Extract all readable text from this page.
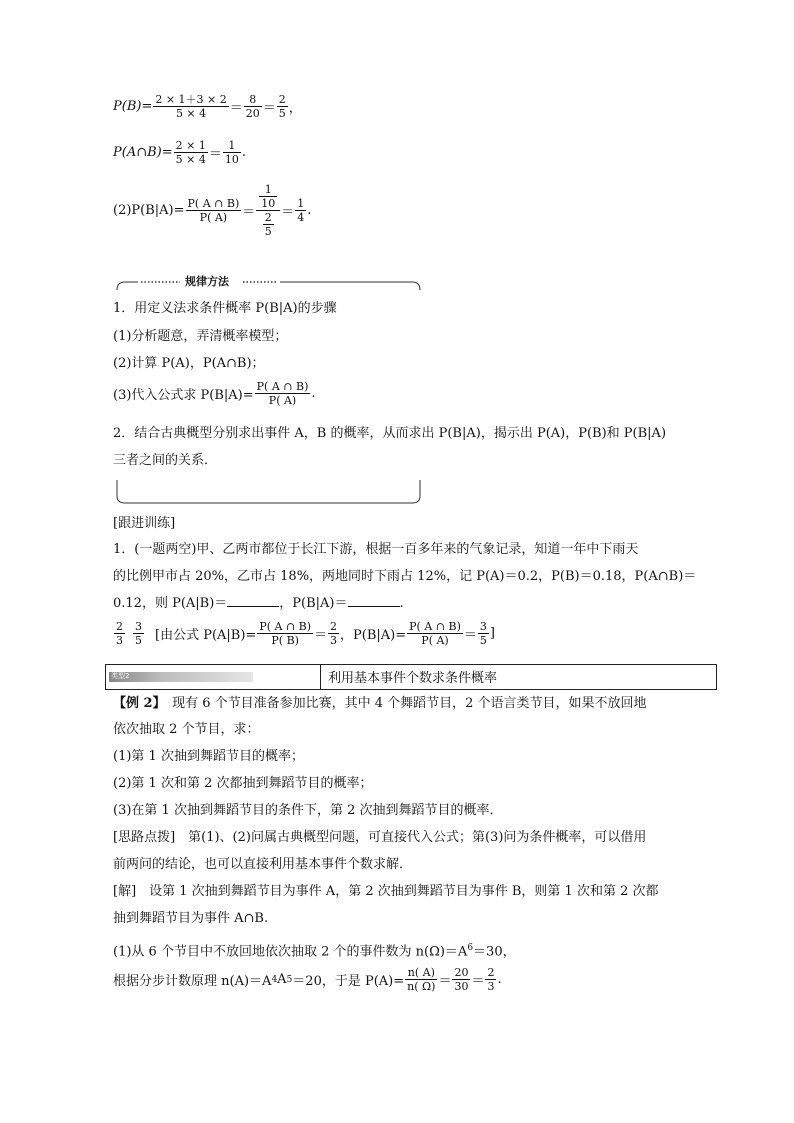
$P(B)= \frac{2 \times 1+3 \times 2}{5 \times 4} = \frac{8}{20} = \frac{2}{5}$ ，
P(A∩B)= $\frac{2 \times 1}{5 \times 4} = \frac{1}{10}$ .
$(2)P(B|A)= \frac{P( A \cap B)}{P( A)} = \frac{\frac{1}{10}}{\frac{2}{5}} = \frac{1}{4}$ .
规律方法
1．用定义法求条件概率 P(B|A)的步骤
(1)分析题意，弄清概率模型；
(2)计算 P(A)，P(A∩B)；
(3)代入公式求 $P(B|A)= \frac{P( A \cap B)}{P( A)}$ .
2．结合古典概型分别求出事件 A，B 的概率，从而求出 P(B|A)，揭示出 P(A)，P(B)和 P(B|A)
三者之间的关系．
[跟进训练]
1．(一题两空)甲、乙两市都位于长江下游，根据一百多年来的气象记录，知道一年中下雨天
的比例甲市占 20%，乙市占 18%，两地同时下雨占 12%，记 P(A)＝0.2，P(B)＝0.18，P(A∩B)＝
0.12，则 P(A|B)＝	，P(B|A)＝	.
$\frac{2}{3} \frac{3}{5}$ [由公式 $P(A|B)= \frac{P( A \cap B)}{P( B)} = \frac{2}{3}$ ，$P(B|A)= \frac{P( A \cap B)}{P( A)} = \frac{3}{5}$ ]
类型2	利用基本事件个数求条件概率
【例 2】　现有 6 个节目准备参加比赛，其中 4 个舞蹈节目，2 个语言类节目，如果不放回地
依次抽取 2 个节目，求：
(1)第 1 次抽到舞蹈节目的概率；
(2)第 1 次和第 2 次都抽到舞蹈节目的概率；
(3)在第 1 次抽到舞蹈节目的条件下，第 2 次抽到舞蹈节目的概率．
[思路点拨]　第(1)、(2)问属古典概型问题，可直接代入公式；第(3)问为条件概率，可以借用
前两问的结论，也可以直接利用基本事件个数求解．
[解]　设第 1 次抽到舞蹈节目为事件 A，第 2 次抽到舞蹈节目为事件 B，则第 1 次和第 2 次都
抽到舞蹈节目为事件 A∩B.
(1)从 6 个节目中不放回地依次抽取 2 个的事件数为 $n(\Omega)=A^6=30$，
根据分步计数原理 n(A)＝A 4 A 5 ＝20，于是 $P(A)= \frac{n( A)}{n( \Omega)} = \frac{20}{30} = \frac{2}{3}$ .
